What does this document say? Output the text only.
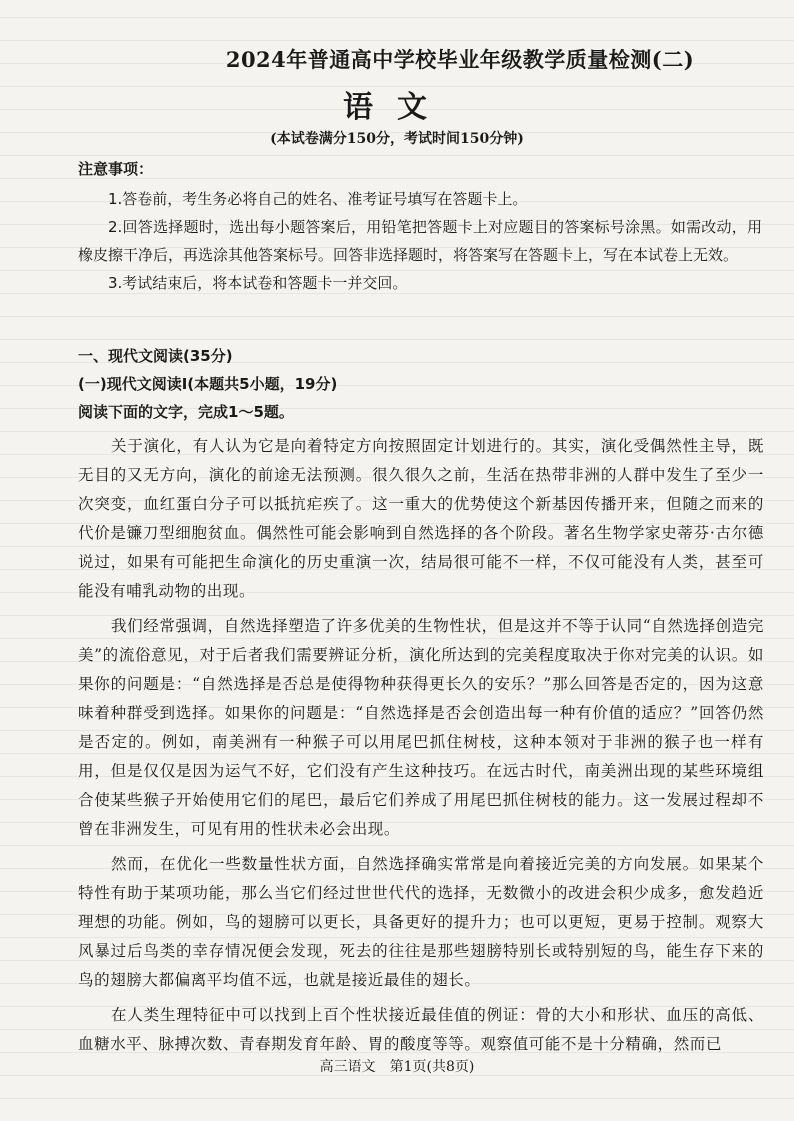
2024年普通高中学校毕业年级教学质量检测(二)
语文
(本试卷满分150分，考试时间150分钟)
注意事项：

1.答卷前，考生务必将自己的姓名、准考证号填写在答题卡上。

2.回答选择题时，选出每小题答案后，用铅笔把答题卡上对应题目的答案标号涂黑。如需改动，用橡皮擦干净后，再选涂其他答案标号。回答非选择题时，将答案写在答题卡上，写在本试卷上无效。

3.考试结束后，将本试卷和答题卡一并交回。

一、现代文阅读(35分)
(一)现代文阅读Ⅰ(本题共5小题，19分)
阅读下面的文字，完成1～5题。

关于演化，有人认为它是向着特定方向按照固定计划进行的。其实，演化受偶然性主导，既无目的又无方向，演化的前途无法预测。很久很久之前，生活在热带非洲的人群中发生了至少一次突变，血红蛋白分子可以抵抗疟疾了。这一重大的优势使这个新基因传播开来，但随之而来的代价是镰刀型细胞贫血。偶然性可能会影响到自然选择的各个阶段。著名生物学家史蒂芬·古尔德说过，如果有可能把生命演化的历史重演一次，结局很可能不一样，不仅可能没有人类，甚至可能没有哺乳动物的出现。

我们经常强调，自然选择塑造了许多优美的生物性状，但是这并不等于认同“自然选择创造完美”的流俗意见，对于后者我们需要辨证分析，演化所达到的完美程度取决于你对完美的认识。如果你的问题是：“自然选择是否总是使得物种获得更长久的安乐？”那么回答是否定的，因为这意味着种群受到选择。如果你的问题是：“自然选择是否会创造出每一种有价值的适应？”回答仍然是否定的。例如，南美洲有一种猴子可以用尾巴抓住树枝，这种本领对于非洲的猴子也一样有用，但是仅仅是因为运气不好，它们没有产生这种技巧。在远古时代，南美洲出现的某些环境组合使某些猴子开始使用它们的尾巴，最后它们养成了用尾巴抓住树枝的能力。这一发展过程却不曾在非洲发生，可见有用的性状未必会出现。

然而，在优化一些数量性状方面，自然选择确实常常是向着接近完美的方向发展。如果某个特性有助于某项功能，那么当它们经过世世代代的选择，无数微小的改进会积少成多，愈发趋近理想的功能。例如，鸟的翅膀可以更长，具备更好的提升力；也可以更短，更易于控制。观察大风暴过后鸟类的幸存情况便会发现，死去的往往是那些翅膀特别长或特别短的鸟，能生存下来的鸟的翅膀大都偏离平均值不远，也就是接近最佳的翅长。

在人类生理特征中可以找到上百个性状接近最佳值的例证：骨的大小和形状、血压的高低、血糖水平、脉搏次数、青春期发育年龄、胃的酸度等等。观察值可能不是十分精确，然而已

高三语文　第1页(共8页)
